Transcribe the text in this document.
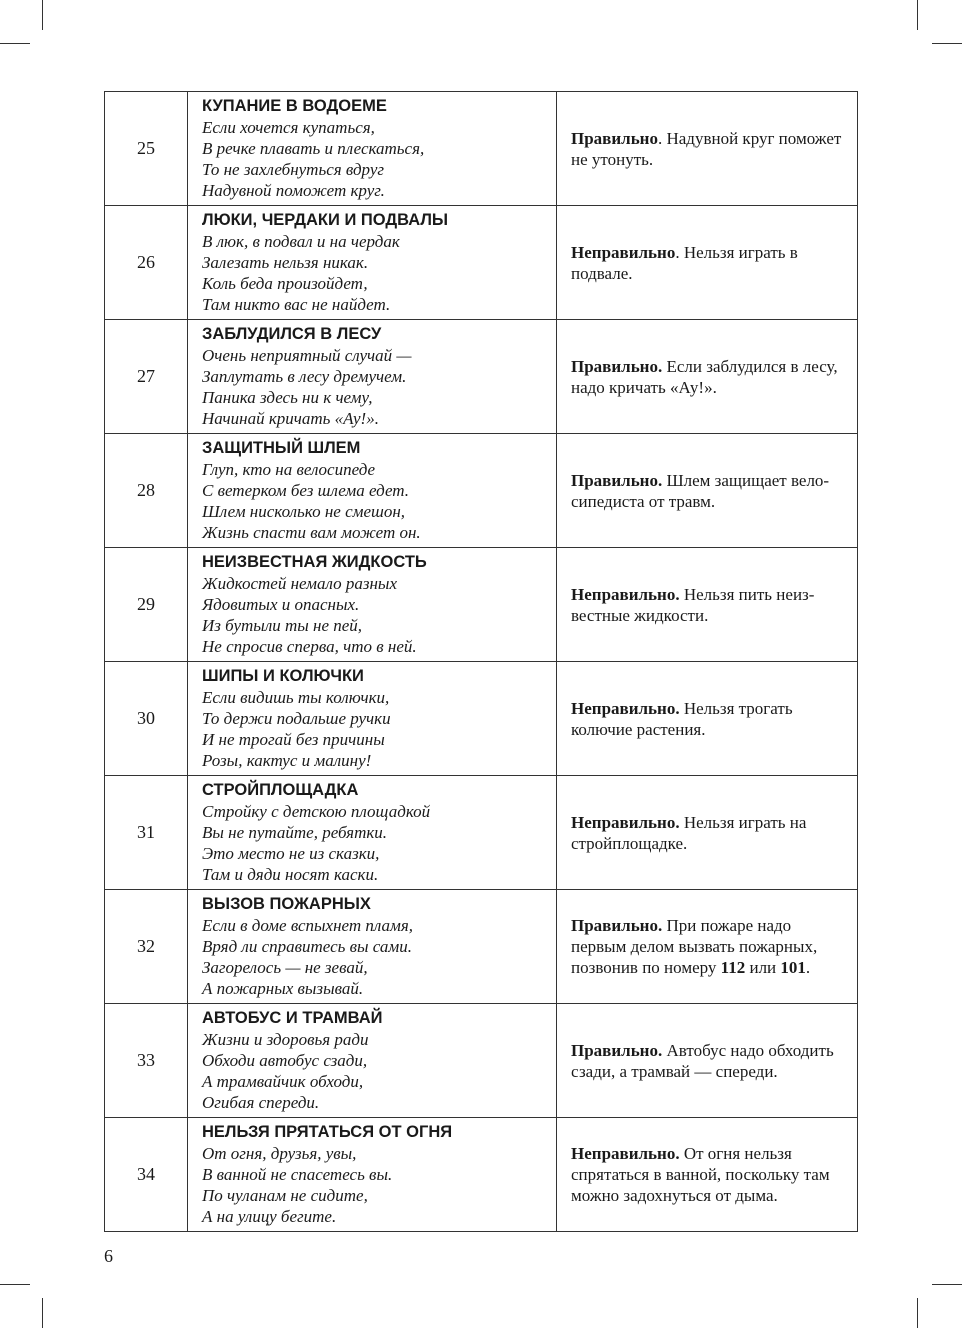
25	КУПАНИЕ В ВОДОЕМЕ
Если хочется купаться,
В речке плавать и плескаться,
То не захлебнуться вдруг
Надувной поможет круг.	Правильно. Надувной круг поможет не утонуть.
26	ЛЮКИ, ЧЕРДАКИ И ПОДВАЛЫ
В люк, в подвал и на чердак
Залезать нельзя никак.
Коль беда произойдет,
Там никто вас не найдет.	Неправильно. Нельзя играть в подвале.
27	ЗАБЛУДИЛСЯ В ЛЕСУ
Очень неприятный случай —
Заплутать в лесу дремучем.
Паника здесь ни к чему,
Начинай кричать «Ау!».	Правильно. Если заблудился в лесу, надо кричать «Ау!».
28	ЗАЩИТНЫЙ ШЛЕМ
Глуп, кто на велосипеде
С ветерком без шлема едет.
Шлем нисколько не смешон,
Жизнь спасти вам может он.	Правильно. Шлем защищает вело-сипедиста от травм.
29	НЕИЗВЕСТНАЯ ЖИДКОСТЬ
Жидкостей немало разных
Ядовитых и опасных.
Из бутыли ты не пей,
Не спросив сперва, что в ней.	Неправильно. Нельзя пить неиз-вестные жидкости.
30	ШИПЫ И КОЛЮЧКИ
Если видишь ты колючки,
То держи подальше ручки
И не трогай без причины
Розы, кактус и малину!	Неправильно. Нельзя трогать колючие растения.
31	СТРОЙПЛОЩАДКА
Стройку с детскою площадкой
Вы не путайте, ребятки.
Это место не из сказки,
Там и дяди носят каски.	Неправильно. Нельзя играть на стройплощадке.
32	ВЫЗОВ ПОЖАРНЫХ
Если в доме вспыхнет пламя,
Вряд ли справитесь вы сами.
Загорелось — не зевай,
А пожарных вызывай.	Правильно. При пожаре надо первым делом вызвать пожарных, позвонив по номеру 112 или 101.
33	АВТОБУС И ТРАМВАЙ
Жизни и здоровья ради
Обходи автобус сзади,
А трамвайчик обходи,
Огибая спереди.	Правильно. Автобус надо обходить сзади, а трамвай — спереди.
34	НЕЛЬЗЯ ПРЯТАТЬСЯ ОТ ОГНЯ
От огня, друзья, увы,
В ванной не спасетесь вы.
По чуланам не сидите,
А на улицу бегите.	Неправильно. От огня нельзя спрятаться в ванной, поскольку там можно задохнуться от дыма.
6
